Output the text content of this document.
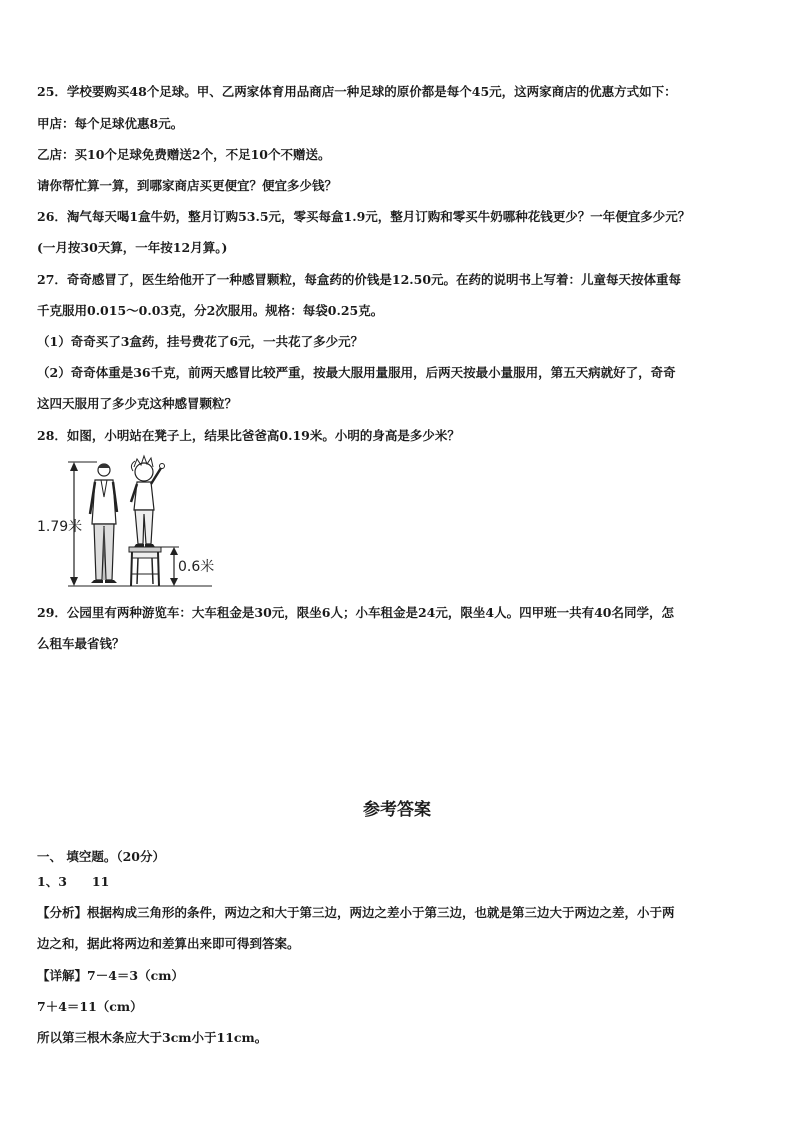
25．学校要购买48个足球。甲、乙两家体育用品商店一种足球的原价都是每个45元，这两家商店的优惠方式如下：
甲店：每个足球优惠8元。
乙店：买10个足球免费赠送2个，不足10个不赠送。
请你帮忙算一算，到哪家商店买更便宜？便宜多少钱？
26．淘气每天喝1盒牛奶，整月订购53.5元，零买每盒1.9元，整月订购和零买牛奶哪种花钱更少？一年便宜多少元？
(一月按30天算，一年按12月算。)
27．奇奇感冒了，医生给他开了一种感冒颗粒，每盒药的价钱是12.50元。在药的说明书上写着：儿童每天按体重每
千克服用0.015～0.03克，分2次服用。规格：每袋0.25克。
（1）奇奇买了3盒药，挂号费花了6元，一共花了多少元？
（2）奇奇体重是36千克，前两天感冒比较严重，按最大服用量服用，后两天按最小量服用，第五天病就好了，奇奇
这四天服用了多少克这种感冒颗粒？
28．如图，小明站在凳子上，结果比爸爸高0.19米。小明的身高是多少米？
1.79米
0.6米
29．公园里有两种游览车：大车租金是30元，限坐6人；小车租金是24元，限坐4人。四甲班一共有40名同学，怎
么租车最省钱？
参考答案
一、 填空题。（20分）
1、3　　11
【分析】根据构成三角形的条件，两边之和大于第三边，两边之差小于第三边，也就是第三边大于两边之差，小于两
边之和，据此将两边和差算出来即可得到答案。
【详解】7－4＝3（cm）
7＋4＝11（cm）
所以第三根木条应大于3cm小于11cm。
